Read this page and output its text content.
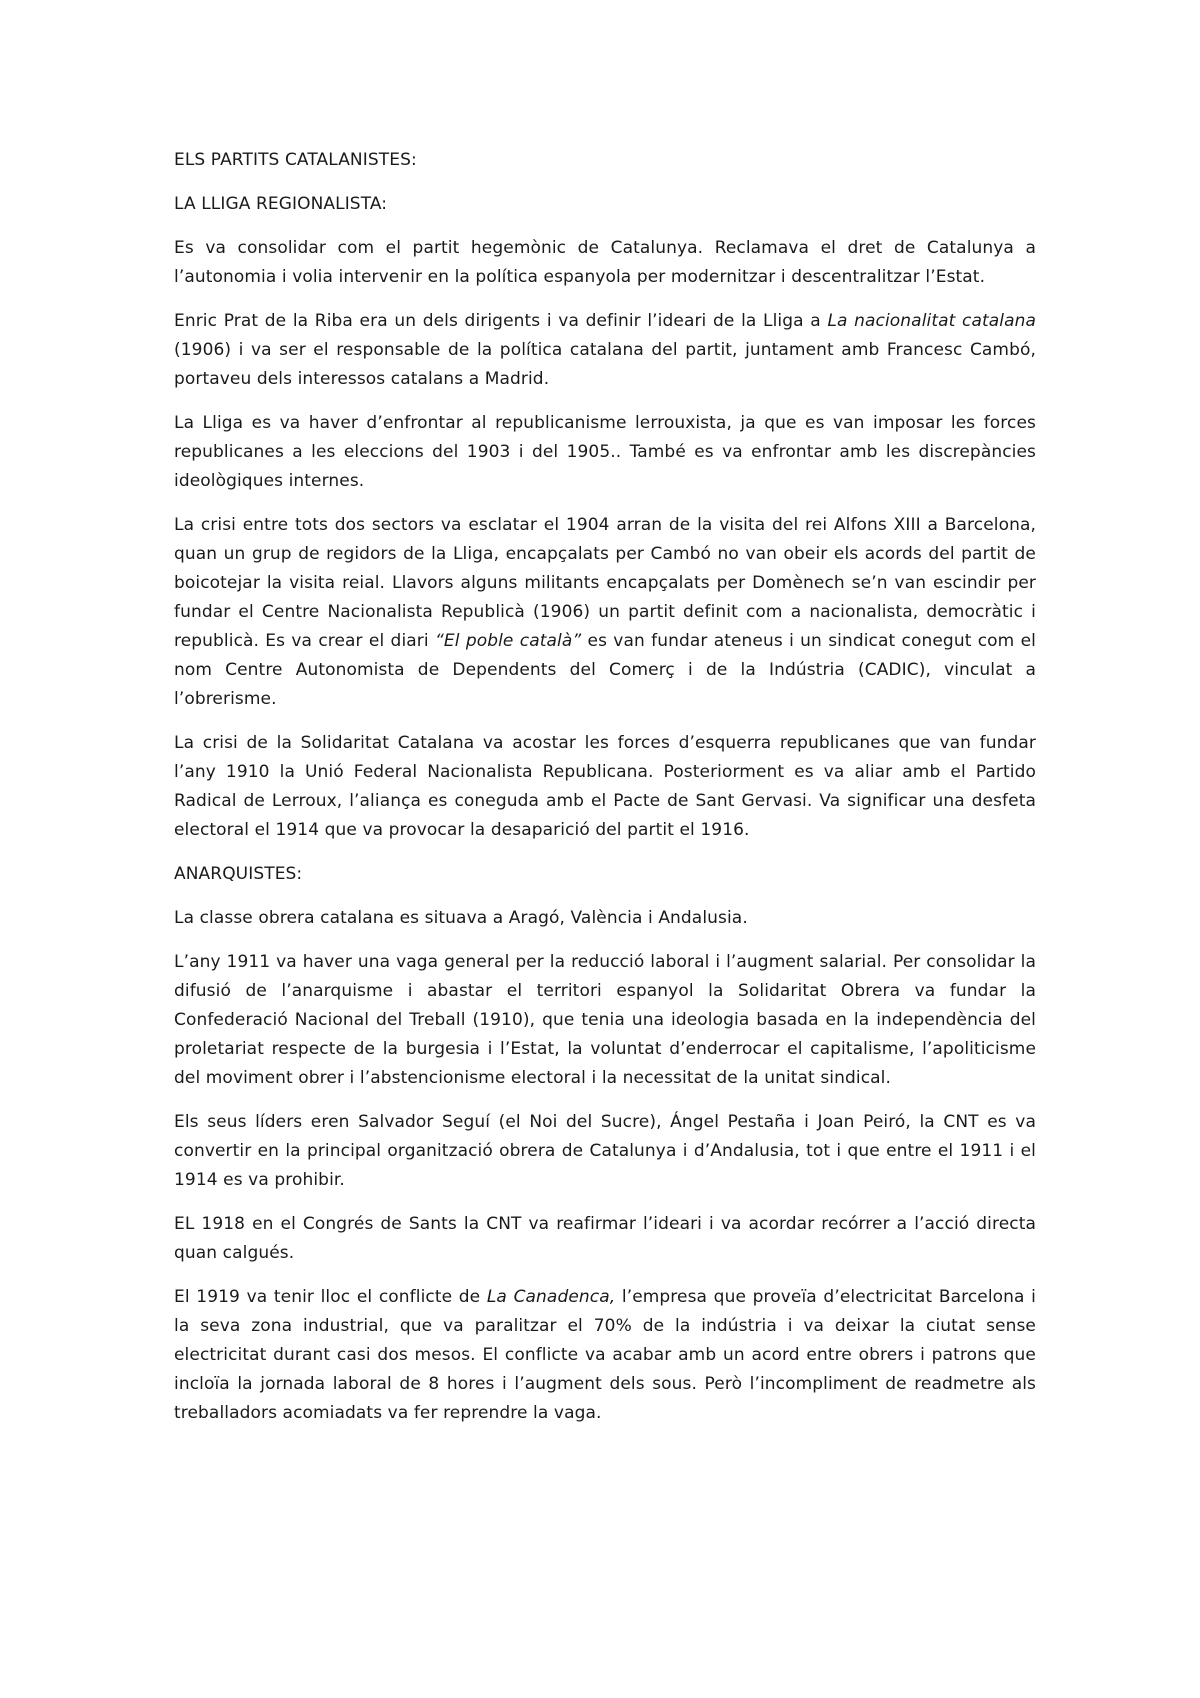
ELS PARTITS CATALANISTES:

LA LLIGA REGIONALISTA:

Es va consolidar com el partit hegemònic de Catalunya. Reclamava el dret de Catalunya a l’autonomia i volia intervenir en la política espanyola per modernitzar i descentralitzar l’Estat.

Enric Prat de la Riba era un dels dirigents i va definir l’ideari de la Lliga a La nacionalitat catalana (1906) i va ser el responsable de la política catalana del partit, juntament amb Francesc Cambó, portaveu dels interessos catalans a Madrid.

La Lliga es va haver d’enfrontar al republicanisme lerrouxista, ja que es van imposar les forces republicanes a les eleccions del 1903 i del 1905.. També es va enfrontar amb les discrepàncies ideològiques internes.

La crisi entre tots dos sectors va esclatar el 1904 arran de la visita del rei Alfons XIII a Barcelona, quan un grup de regidors de la Lliga, encapçalats per Cambó no van obeir els acords del partit de boicotejar la visita reial. Llavors alguns militants encapçalats per Domènech se’n van escindir per fundar el Centre Nacionalista Republicà (1906) un partit definit com a nacionalista, democràtic i republicà. Es va crear el diari “El poble català” es van fundar ateneus i un sindicat conegut com el nom Centre Autonomista de Dependents del Comerç i de la Indústria (CADIC), vinculat a l’obrerisme.

La crisi de la Solidaritat Catalana va acostar les forces d’esquerra republicanes que van fundar l’any 1910 la Unió Federal Nacionalista Republicana. Posteriorment es va aliar amb el Partido Radical de Lerroux, l’aliança es coneguda amb el Pacte de Sant Gervasi. Va significar una desfeta electoral el 1914 que va provocar la desaparició del partit el 1916.

ANARQUISTES:

La classe obrera catalana es situava a Aragó, València i Andalusia.

L’any 1911 va haver una vaga general per la reducció laboral i l’augment salarial. Per consolidar la difusió de l’anarquisme i abastar el territori espanyol la Solidaritat Obrera va fundar la Confederació Nacional del Treball (1910), que tenia una ideologia basada en la independència del proletariat respecte de la burgesia i l’Estat, la voluntat d’enderrocar el capitalisme, l’apoliticisme del moviment obrer i l’abstencionisme electoral i la necessitat de la unitat sindical.

Els seus líders eren Salvador Seguí (el Noi del Sucre), Ángel Pestaña i Joan Peiró, la CNT es va convertir en la principal organització obrera de Catalunya i d’Andalusia, tot i que entre el 1911 i el 1914 es va prohibir.

EL 1918 en el Congrés de Sants la CNT va reafirmar l’ideari i va acordar recórrer a l’acció directa quan calgués.

El 1919 va tenir lloc el conflicte de La Canadenca, l’empresa que proveïa d’electricitat Barcelona i la seva zona industrial, que va paralitzar el 70% de la indústria i va deixar la ciutat sense electricitat durant casi dos mesos. El conflicte va acabar amb un acord entre obrers i patrons que incloïa la jornada laboral de 8 hores i l’augment dels sous. Però l’incompliment de readmetre als treballadors acomiadats va fer reprendre la vaga.
